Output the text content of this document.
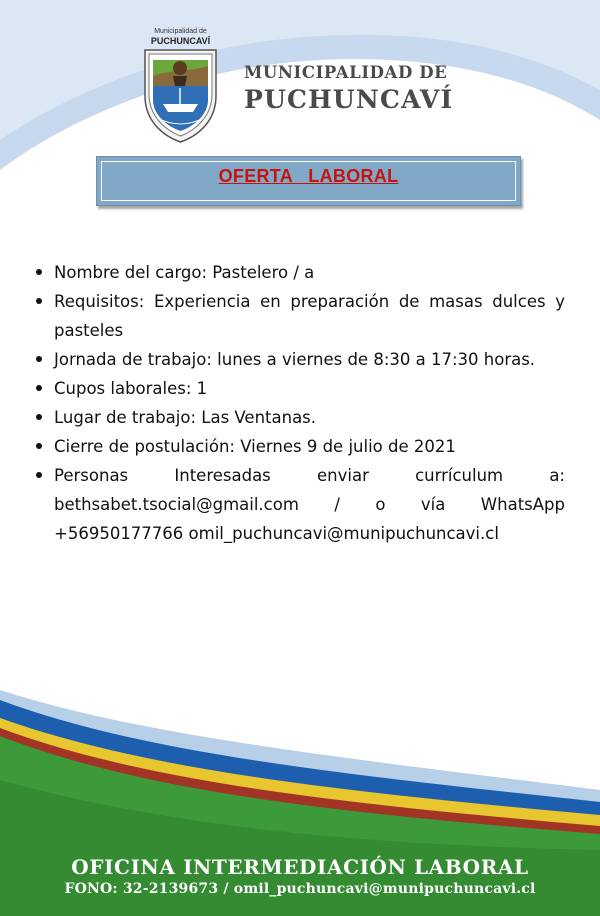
Municipalidad de
PUCHUNCAVÍ
MUNICIPALIDAD DE
PUCHUNCAVÍ
OFERTA   LABORAL
Nombre del cargo: Pastelero / a
Requisitos: Experiencia en preparación de masas dulces y pasteles
Jornada de trabajo: lunes a viernes de 8:30 a 17:30 horas.
Cupos laborales: 1
Lugar de trabajo: Las Ventanas.
Cierre de postulación: Viernes 9 de julio de 2021
Personas Interesadas enviar currículum a: bethsabet.tsocial@gmail.com / o vía WhatsApp
+56950177766 omil_puchuncavi@munipuchuncavi.cl
OFICINA INTERMEDIACIÓN LABORAL
FONO: 32-2139673 / omil_puchuncavi@munipuchuncavi.cl
